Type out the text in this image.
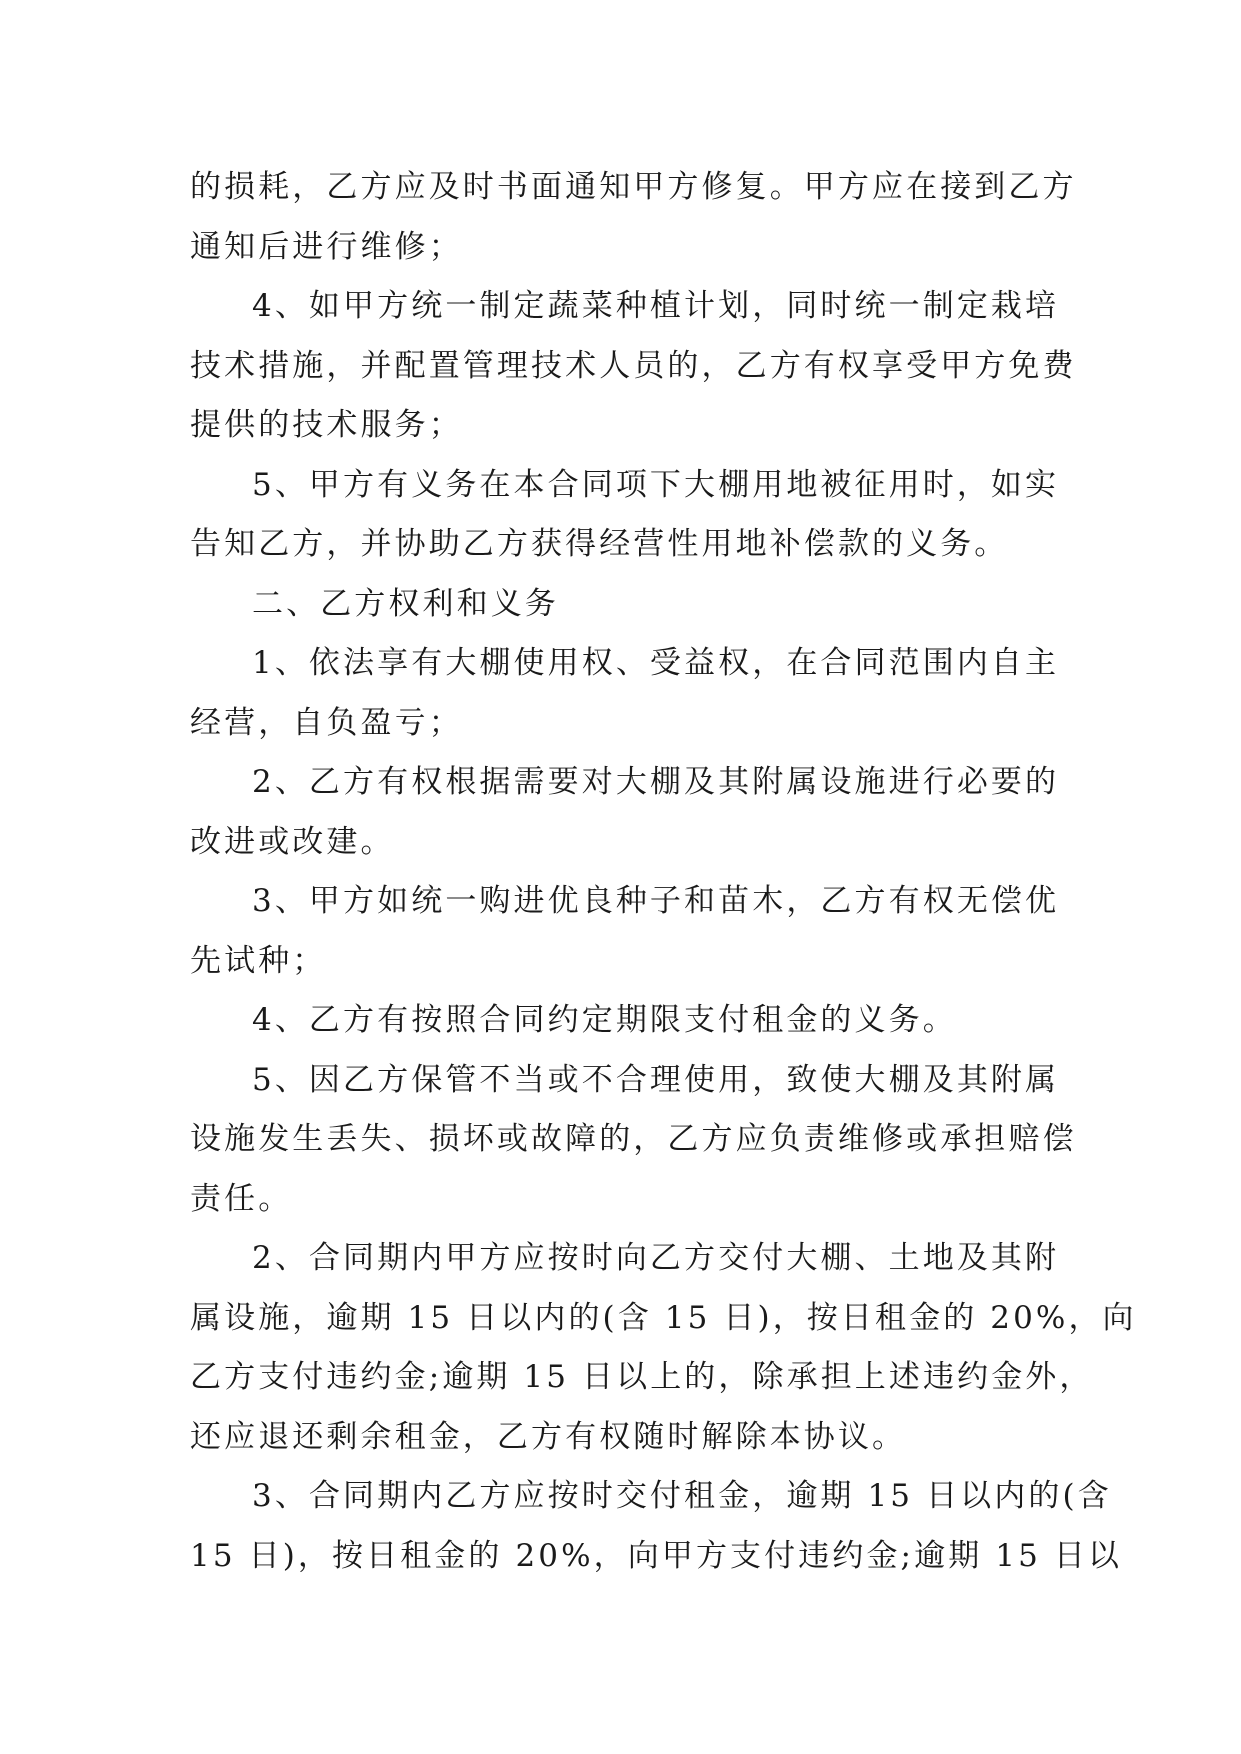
的损耗，乙方应及时书面通知甲方修复。甲方应在接到乙方
通知后进行维修；

4、如甲方统一制定蔬菜种植计划，同时统一制定栽培
技术措施，并配置管理技术人员的，乙方有权享受甲方免费
提供的技术服务；

5、甲方有义务在本合同项下大棚用地被征用时，如实
告知乙方，并协助乙方获得经营性用地补偿款的义务。

二、乙方权利和义务

1、依法享有大棚使用权、受益权，在合同范围内自主
经营，自负盈亏；

2、乙方有权根据需要对大棚及其附属设施进行必要的
改进或改建。

3、甲方如统一购进优良种子和苗木，乙方有权无偿优
先试种；

4、乙方有按照合同约定期限支付租金的义务。

5、因乙方保管不当或不合理使用，致使大棚及其附属
设施发生丢失、损坏或故障的，乙方应负责维修或承担赔偿
责任。

2、合同期内甲方应按时向乙方交付大棚、土地及其附
属设施，逾期 15 日以内的(含 15 日)，按日租金的 20%，向
乙方支付违约金;逾期 15 日以上的，除承担上述违约金外，
还应退还剩余租金，乙方有权随时解除本协议。

3、合同期内乙方应按时交付租金，逾期 15 日以内的(含
15 日)，按日租金的 20%，向甲方支付违约金;逾期 15 日以
